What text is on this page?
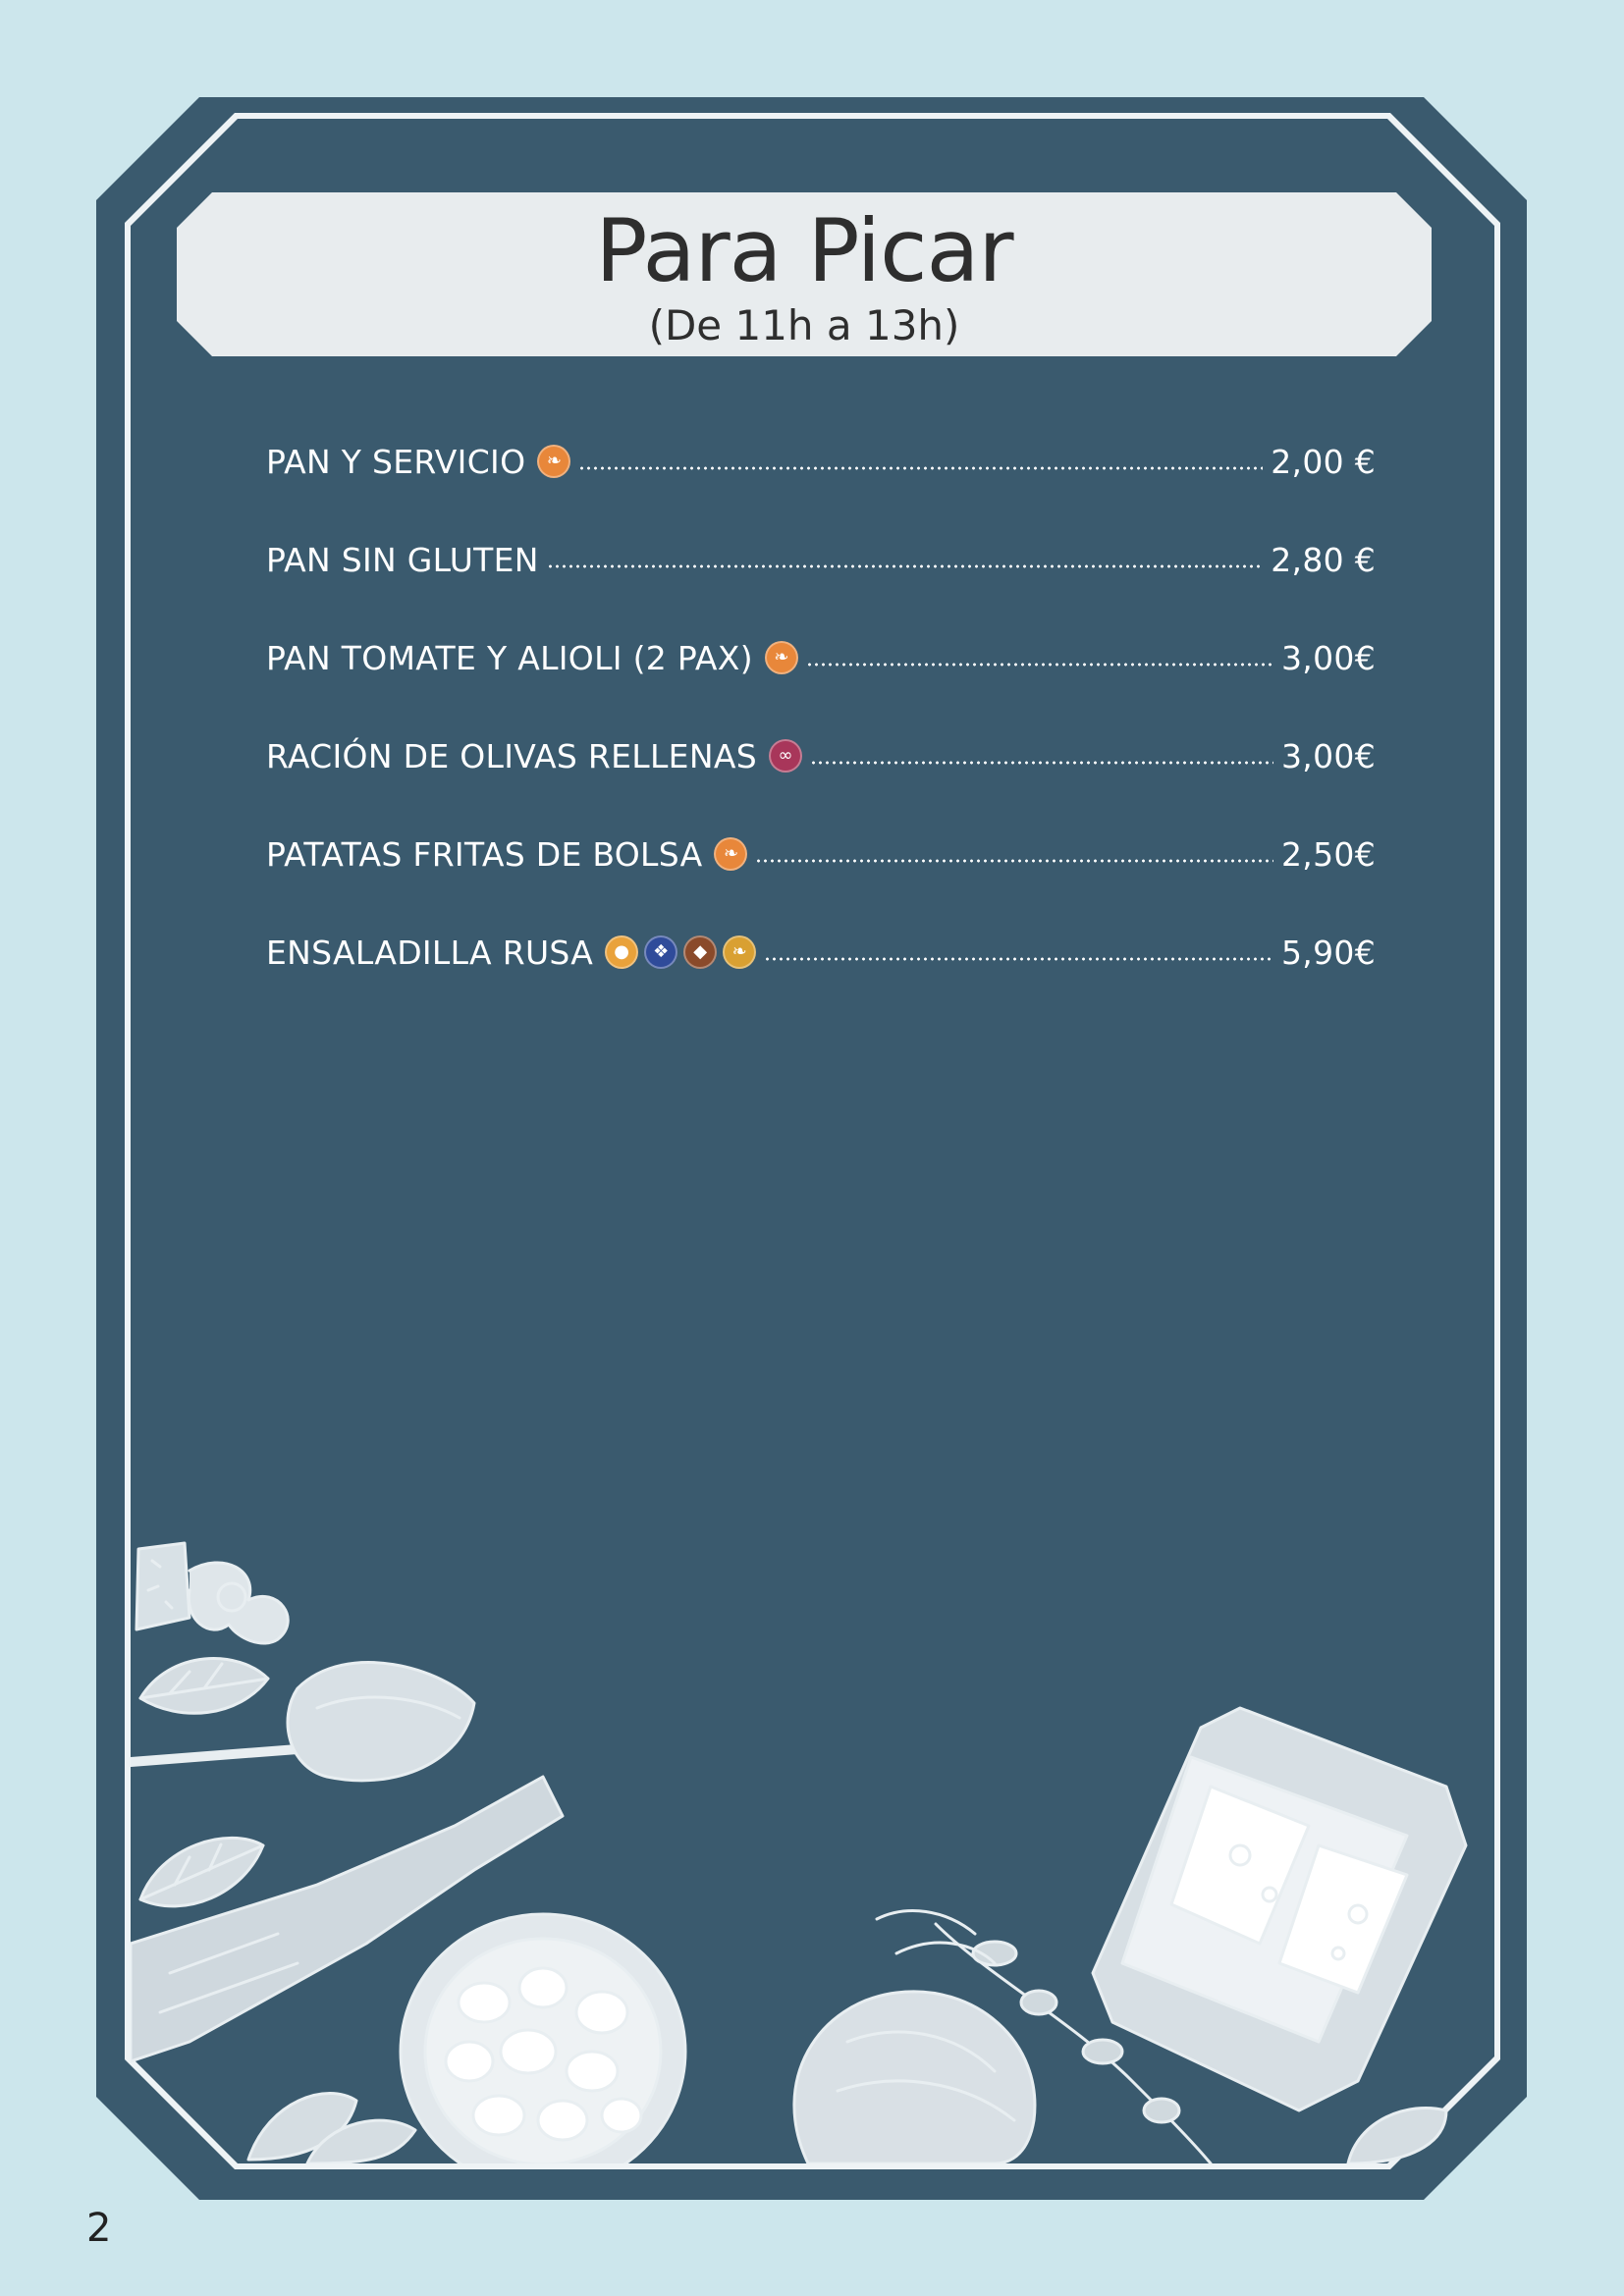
Para Picar
(De 11h a 13h)
PAN Y SERVICIO	❧	2,00 €
PAN SIN GLUTEN	2,80 €
PAN TOMATE Y ALIOLI (2 PAX)	❧	3,00€
RACIÓN DE OLIVAS RELLENAS	∞	3,00€
PATATAS FRITAS DE BOLSA	❧	2,50€
ENSALADILLA RUSA	●	❖	◆	❧	5,90€
2
